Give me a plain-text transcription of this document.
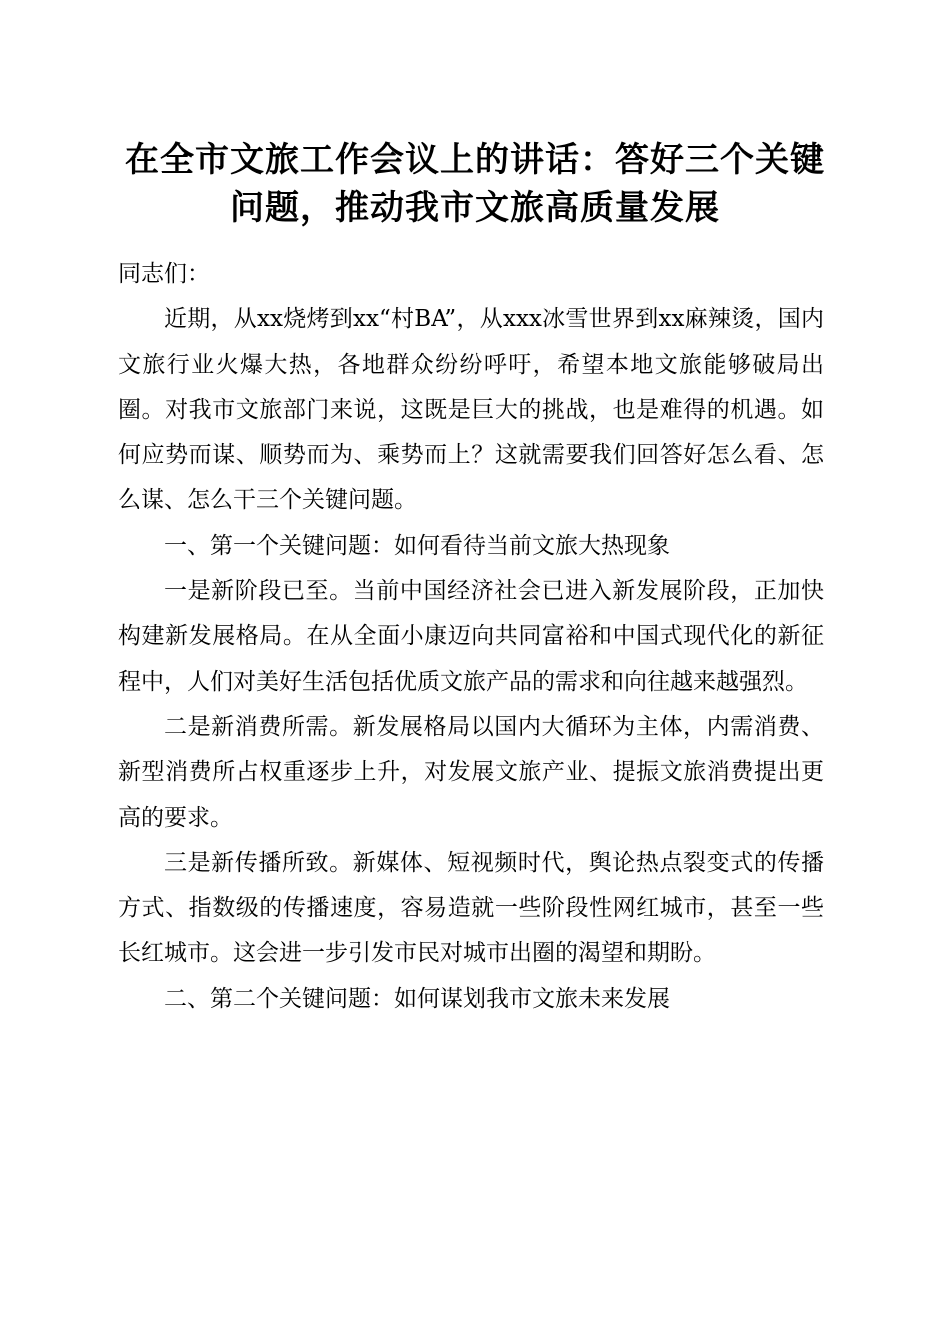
在全市文旅工作会议上的讲话：答好三个关键
问题，推动我市文旅高质量发展

同志们：

近期，从xx烧烤到xx“村BA”，从xxx冰雪世界到xx麻辣烫，国内文旅行业火爆大热，各地群众纷纷呼吁，希望本地文旅能够破局出圈。对我市文旅部门来说，这既是巨大的挑战，也是难得的机遇。如何应势而谋、顺势而为、乘势而上？这就需要我们回答好怎么看、怎么谋、怎么干三个关键问题。

一、第一个关键问题：如何看待当前文旅大热现象

一是新阶段已至。当前中国经济社会已进入新发展阶段，正加快构建新发展格局。在从全面小康迈向共同富裕和中国式现代化的新征程中，人们对美好生活包括优质文旅产品的需求和向往越来越强烈。

二是新消费所需。新发展格局以国内大循环为主体，内需消费、新型消费所占权重逐步上升，对发展文旅产业、提振文旅消费提出更高的要求。

三是新传播所致。新媒体、短视频时代，舆论热点裂变式的传播方式、指数级的传播速度，容易造就一些阶段性网红城市，甚至一些长红城市。这会进一步引发市民对城市出圈的渴望和期盼。

二、第二个关键问题：如何谋划我市文旅未来发展
